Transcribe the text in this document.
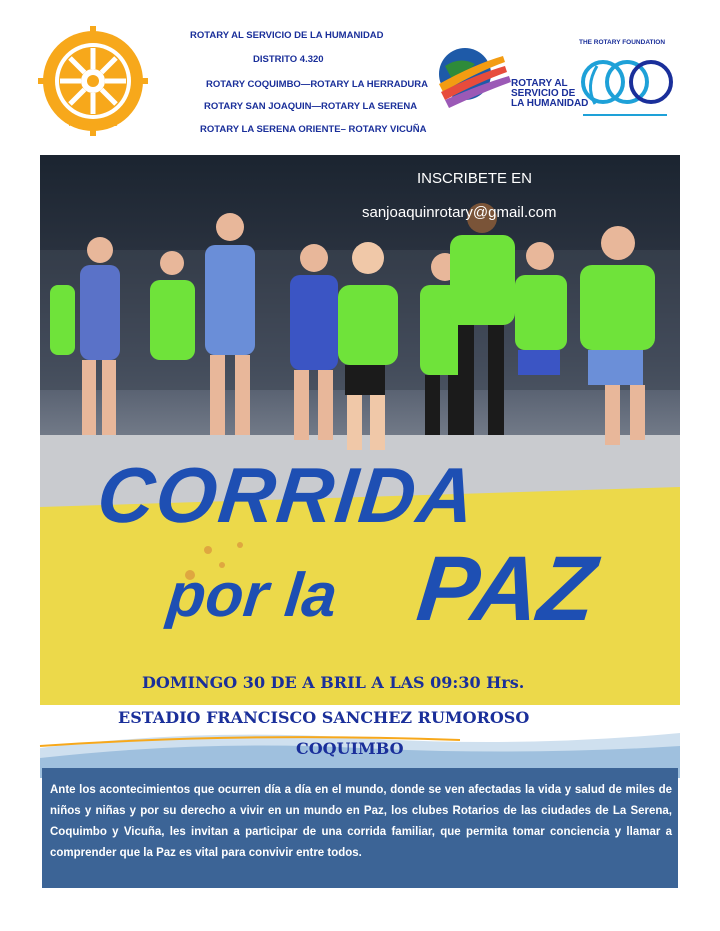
ROTARY
INTERNATIONAL
ROTARY AL SERVICIO DE LA HUMANIDAD
DISTRITO 4.320
ROTARY COQUIMBO—ROTARY LA HERRADURA
ROTARY SAN JOAQUIN—ROTARY LA SERENA
ROTARY LA SERENA ORIENTE– ROTARY VICUÑA
ROTARY AL
SERVICIO DE
LA HUMANIDAD
THE ROTARY FOUNDATION
INSCRIBETE EN
sanjoaquinrotary@gmail.com
CORRIDA
por la PAZ
DOMINGO 30 DE A BRIL A LAS 09:30 Hrs.
ESTADIO FRANCISCO SANCHEZ RUMOROSO
COQUIMBO
Ante los acontecimientos que ocurren día a día en el mundo, donde se ven afectadas la vida y salud de miles de niños y niñas y por su derecho a vivir en un mundo en Paz, los clubes Rotarios de las ciudades de La Serena, Coquimbo y Vicuña, les invitan a participar de una corrida familiar, que permita tomar conciencia y llamar a comprender que la Paz es vital para convivir entre todos.
